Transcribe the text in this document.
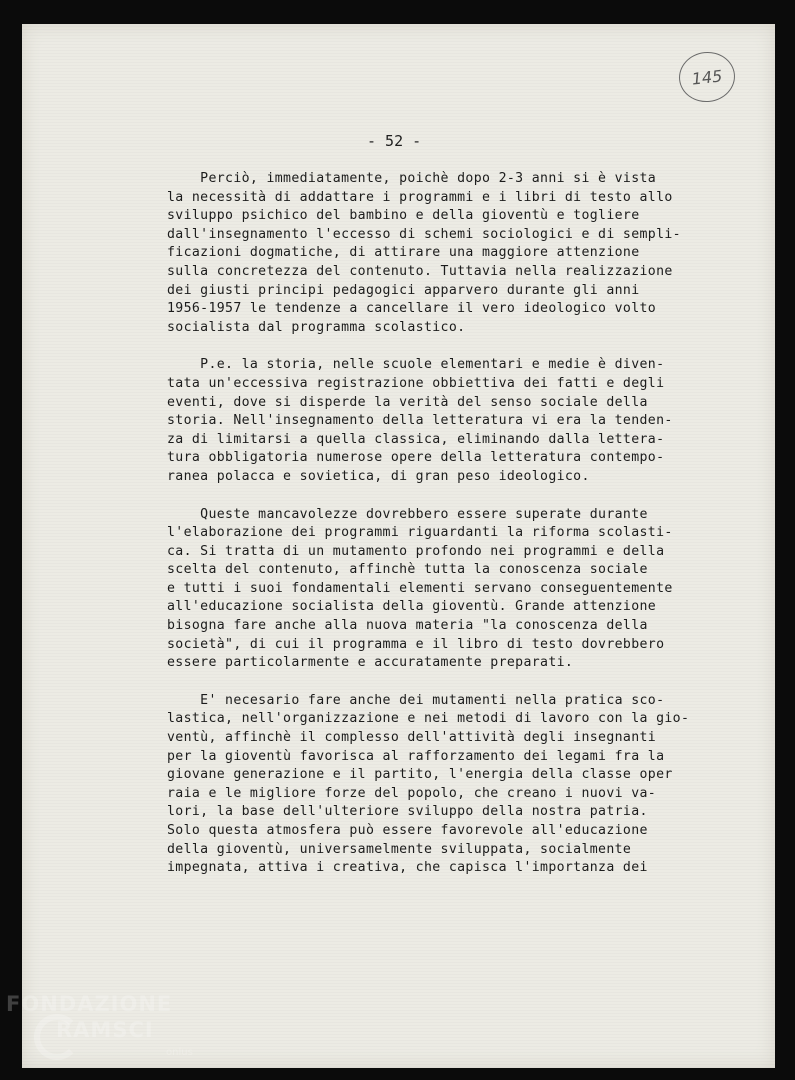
145
- 52 -
Perciò, immediatamente, poichè dopo 2-3 anni si è vista
la necessità di addattare i programmi e i libri di testo allo
sviluppo psichico del bambino e della gioventù e togliere
dall'insegnamento l'eccesso di schemi sociologici e di sempli-
ficazioni dogmatiche, di attirare una maggiore attenzione
sulla concretezza del contenuto. Tuttavia nella realizzazione
dei giusti principi pedagogici apparvero durante gli anni
1956-1957 le tendenze a cancellare il vero ideologico volto
socialista dal programma scolastico.
P.e. la storia, nelle scuole elementari e medie è diven-
tata un'eccessiva registrazione obbiettiva dei fatti e degli
eventi, dove si disperde la verità del senso sociale della
storia. Nell'insegnamento della letteratura vi era la tenden-
za di limitarsi a quella classica, eliminando dalla lettera-
tura obbligatoria numerose opere della letteratura contempo-
ranea polacca e sovietica, di gran peso ideologico.
Queste mancavolezze dovrebbero essere superate durante
l'elaborazione dei programmi riguardanti la riforma scolasti-
ca. Si tratta di un mutamento profondo nei programmi e della
scelta del contenuto, affinchè tutta la conoscenza sociale
e tutti i suoi fondamentali elementi servano conseguentemente
all'educazione socialista della gioventù. Grande attenzione
bisogna fare anche alla nuova materia "la conoscenza della
società", di cui il programma e il libro di testo dovrebbero
essere particolarmente e accuratamente preparati.
E' necesario fare anche dei mutamenti nella pratica sco-
lastica, nell'organizzazione e nei metodi di lavoro con la gio-
ventù, affinchè il complesso dell'attività degli insegnanti
per la gioventù favorisca al rafforzamento dei legami fra la
giovane generazione e il partito, l'energia della classe oper
raia e le migliore forze del popolo, che creano i nuovi va-
lori, la base dell'ulteriore sviluppo della nostra patria.
Solo questa atmosfera può essere favorevole all'educazione
della gioventù, universamelmente sviluppata, socialmente
impegnata, attiva i creativa, che capisca l'importanza dei
FONDAZIONE
RAMSCI
onlus
